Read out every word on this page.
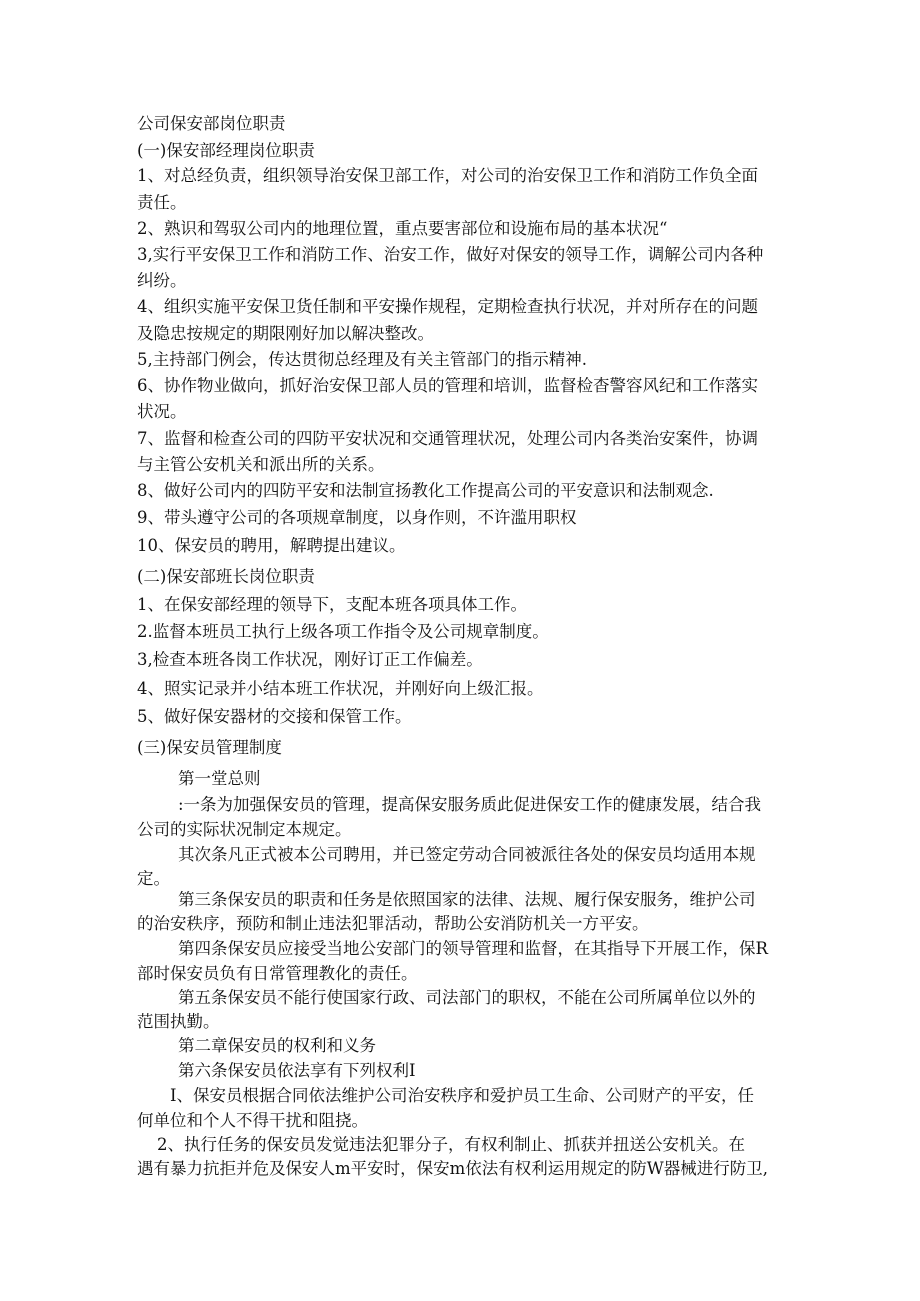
公司保安部岗位职责
(一)保安部经理岗位职责
1、对总经负责，组织领导治安保卫部工作，对公司的治安保卫工作和消防工作负全面
责任。
2、熟识和驾驭公司内的地理位置，重点要害部位和设施布局的基本状况“
3,实行平安保卫工作和消防工作、治安工作，做好对保安的领导工作，调解公司内各种
纠纷。
4、组织实施平安保卫货任制和平安操作规程，定期检查执行状况，并对所存在的问题
及隐忠按规定的期限刚好加以解决整改。
5,主持部门例会，传达贯彻总经理及有关主管部门的指示精神.
6、协作物业做向，抓好治安保卫部人员的管理和培训，监督检杳警容风纪和工作落实
状况。
7、监督和检查公司的四防平安状况和交通管理状况，处理公司内各类治安案件，协调
与主管公安机关和派出所的关系。
8、做好公司内的四防平安和法制宣扬教化工作提高公司的平安意识和法制观念.
9、带头遵守公司的各项规章制度，以身作则，不许滥用职权
10、保安员的聘用，解聘提出建议。
(二)保安部班长岗位职责
1、在保安部经理的领导下，支配本班各项具体工作。
2.监督本班员工执行上级各项工作指令及公司规章制度。
3,检查本班各岗工作状况，刚好订正工作偏差。
4、照实记录并小结本班工作状况，并刚好向上级汇报。
5、做好保安器材的交接和保管工作。
(三)保安员管理制度
第一堂总则
:一条为加强保安员的管理，提高保安服务质此促进保安工作的健康发展，结合我
公司的实际状况制定本规定。
其次条凡正式被本公司聘用，并已签定劳动合同被派往各处的保安员均适用本规
定。
第三条保安员的职责和任务是依照国家的法律、法规、履行保安服务，维护公司
的治安秩序，预防和制止违法犯罪活动，帮助公安消防机关一方平安。
第四条保安员应接受当地公安部门的领导管理和监督，在其指导下开展工作，保R
部时保安员负有日常管理教化的责任。
第五条保安员不能行使国家行政、司法部门的职权，不能在公司所属单位以外的
范围执勤。
第二章保安员的权利和义务
第六条保安员依法享有下列权利I
I、保安员根据合同依法维护公司治安秩序和爱护员工生命、公司财产的平安，任
何单位和个人不得干扰和阻挠。
2、执行任务的保安员发觉违法犯罪分子，有权利制止、抓获并扭送公安机关。在
遇有暴力抗拒并危及保安人m平安时，保安m依法有权利运用规定的防W器械进行防卫,
